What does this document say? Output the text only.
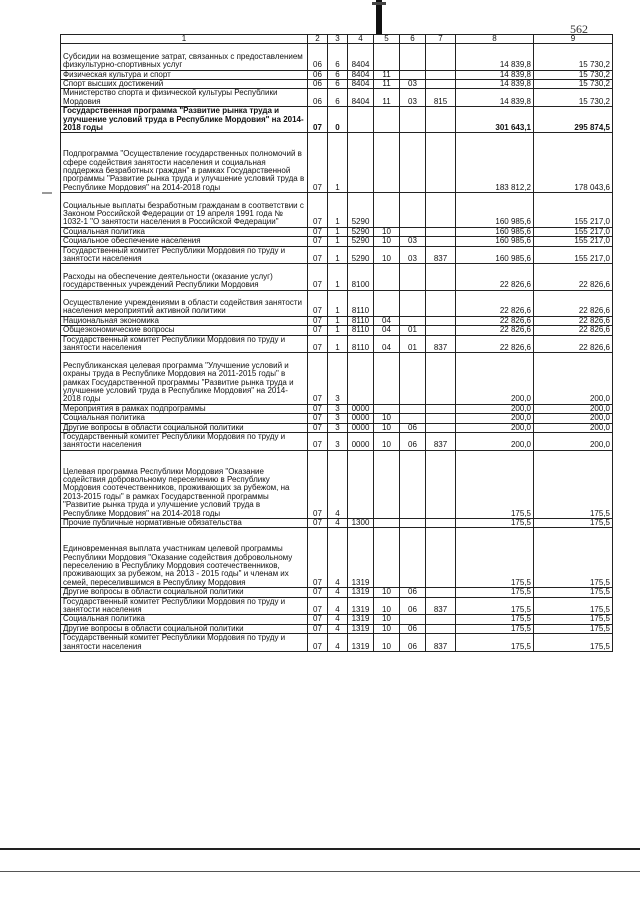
562
1	2	3	4	5	6	7	8	9
Субсидии на возмещение затрат, связанных с предоставлением физкультурно-спортивных услуг	06	6	8404				14 839,8	15 730,2
Физическая культура и спорт	06	6	8404	11			14 839,8	15 730,2
Спорт высших достижений	06	6	8404	11	03		14 839,8	15 730,2
Министерство спорта и физической культуры Республики Мордовия	06	6	8404	11	03	815	14 839,8	15 730,2
Государственная программа "Развитие рынка труда и улучшение условий труда в Республике Мордовия" на 2014-2018 годы	07	0					301 643,1	295 874,5
Подпрограмма "Осуществление государственных полномочий в сфере содействия занятости населения и социальная поддержка безработных граждан" в рамках Государственной программы "Развитие рынка труда и улучшение условий труда в Республике Мордовия" на 2014-2018 годы	07	1					183 812,2	178 043,6
Социальные выплаты безработным гражданам в соответствии с Законом Российской Федерации от 19 апреля 1991 года № 1032-1 "О занятости населения в Российской Федерации"	07	1	5290				160 985,6	155 217,0
Социальная политика	07	1	5290	10			160 985,6	155 217,0
Социальное обеспечение населения	07	1	5290	10	03		160 985,6	155 217,0
Государственный комитет Республики Мордовия по труду и занятости населения	07	1	5290	10	03	837	160 985,6	155 217,0
Расходы на обеспечение деятельности (оказание услуг) государственных учреждений Республики Мордовия	07	1	8100				22 826,6	22 826,6
Осуществление учреждениями в области содействия занятости населения мероприятий активной политики	07	1	8110				22 826,6	22 826,6
Национальная экономика	07	1	8110	04			22 826,6	22 826,6
Общеэкономические вопросы	07	1	8110	04	01		22 826,6	22 826,6
Государственный комитет Республики Мордовия по труду и занятости населения	07	1	8110	04	01	837	22 826,6	22 826,6
Республиканская целевая программа "Улучшение условий и охраны труда в Республике Мордовия на 2011-2015 годы" в рамках Государственной программы "Развитие рынка труда и улучшение условий труда в Республике Мордовия" на 2014-2018 годы	07	3					200,0	200,0
Мероприятия в рамках подпрограммы	07	3	0000				200,0	200,0
Социальная политика	07	3	0000	10			200,0	200,0
Другие вопросы в области социальной политики	07	3	0000	10	06		200,0	200,0
Государственный комитет Республики Мордовия по труду и занятости населения	07	3	0000	10	06	837	200,0	200,0
Целевая программа Республики Мордовия "Оказание содействия добровольному переселению в Республику Мордовия соотечественников, проживающих за рубежом, на 2013-2015 годы" в рамках Государственной программы "Развитие рынка труда и улучшение условий труда в Республике Мордовия" на 2014-2018 годы	07	4					175,5	175,5
Прочие публичные нормативные обязательства	07	4	1300				175,5	175,5
Единовременная выплата участникам целевой программы Республики Мордовия "Оказание содействия добровольному переселению в Республику Мордовия соотечественников, проживающих за рубежом, на 2013 - 2015 годы" и членам их семей, переселившимся в Республику Мордовия	07	4	1319				175,5	175,5
Другие вопросы в области социальной политики	07	4	1319	10	06		175,5	175,5
Государственный комитет Республики Мордовия по труду и занятости населения	07	4	1319	10	06	837	175,5	175,5
Социальная политика	07	4	1319	10			175,5	175,5
Другие вопросы в области социальной политики	07	4	1319	10	06		175,5	175,5
Государственный комитет Республики Мордовия по труду и занятости населения	07	4	1319	10	06	837	175,5	175,5
